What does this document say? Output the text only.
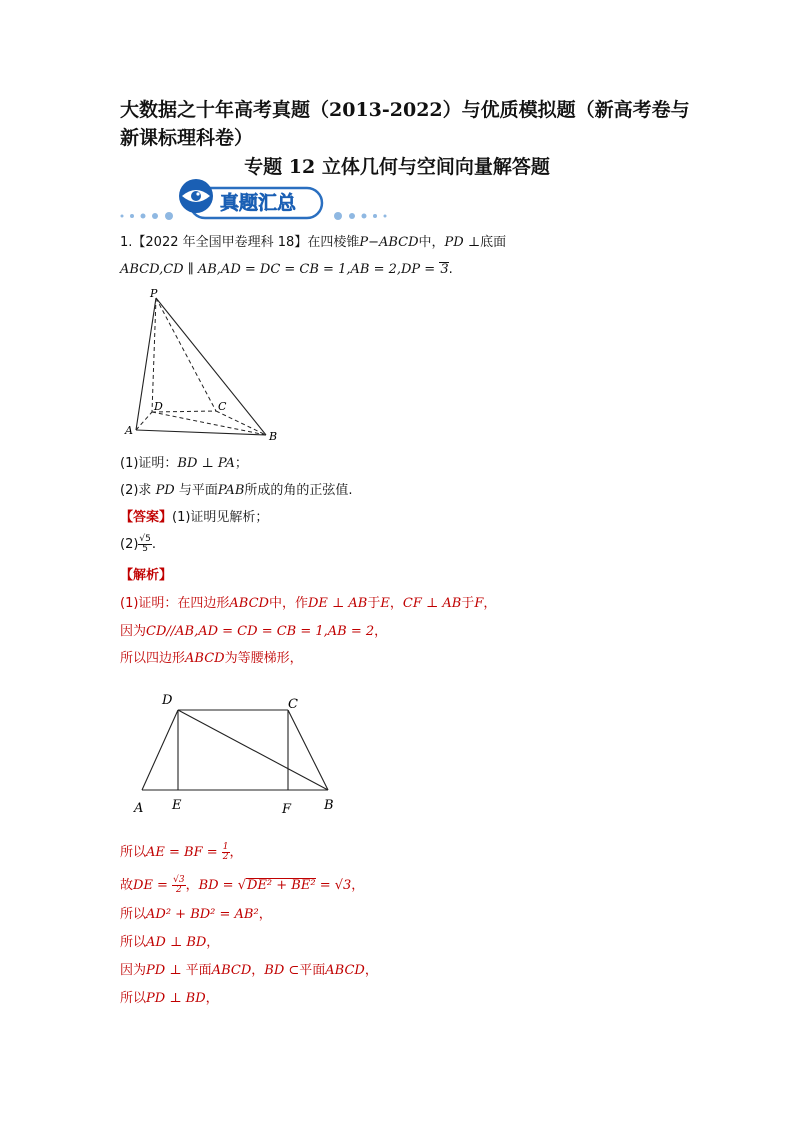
大数据之十年高考真题（2013-2022）与优质模拟题（新高考卷与新课标理科卷）
专题 12 立体几何与空间向量解答题
真题汇总
1.【2022 年全国甲卷理科 18】在四棱锥P−ABCD中，PD ⊥底面
ABCD,CD ∥ AB,AD = DC = CB = 1,AB = 2,DP = 3.
P
A	B
C
D
(1)证明：BD ⊥ PA；
(2)求 PD 与平面PAB所成的角的正弦值.
【答案】(1)证明见解析；
$(2) \frac{√5}{5}$ .
【解析】
(1)证明：在四边形ABCD中，作DE ⊥ AB于E，CF ⊥ AB于F，
因为CD//AB,AD = CD = CB = 1,AB = 2，
所以四边形ABCD为等腰梯形，
D	C
A E	F	B
所以AE = BF = $\frac{1}{2}$ ，
故DE = $\frac{√3}{2}$ ，BD = √DE² + BE² = √3，
所以AD² + BD² = AB²，
所以AD ⊥ BD，
因为PD ⊥ 平面ABCD，BD ⊂平面ABCD，
所以PD ⊥ BD，
